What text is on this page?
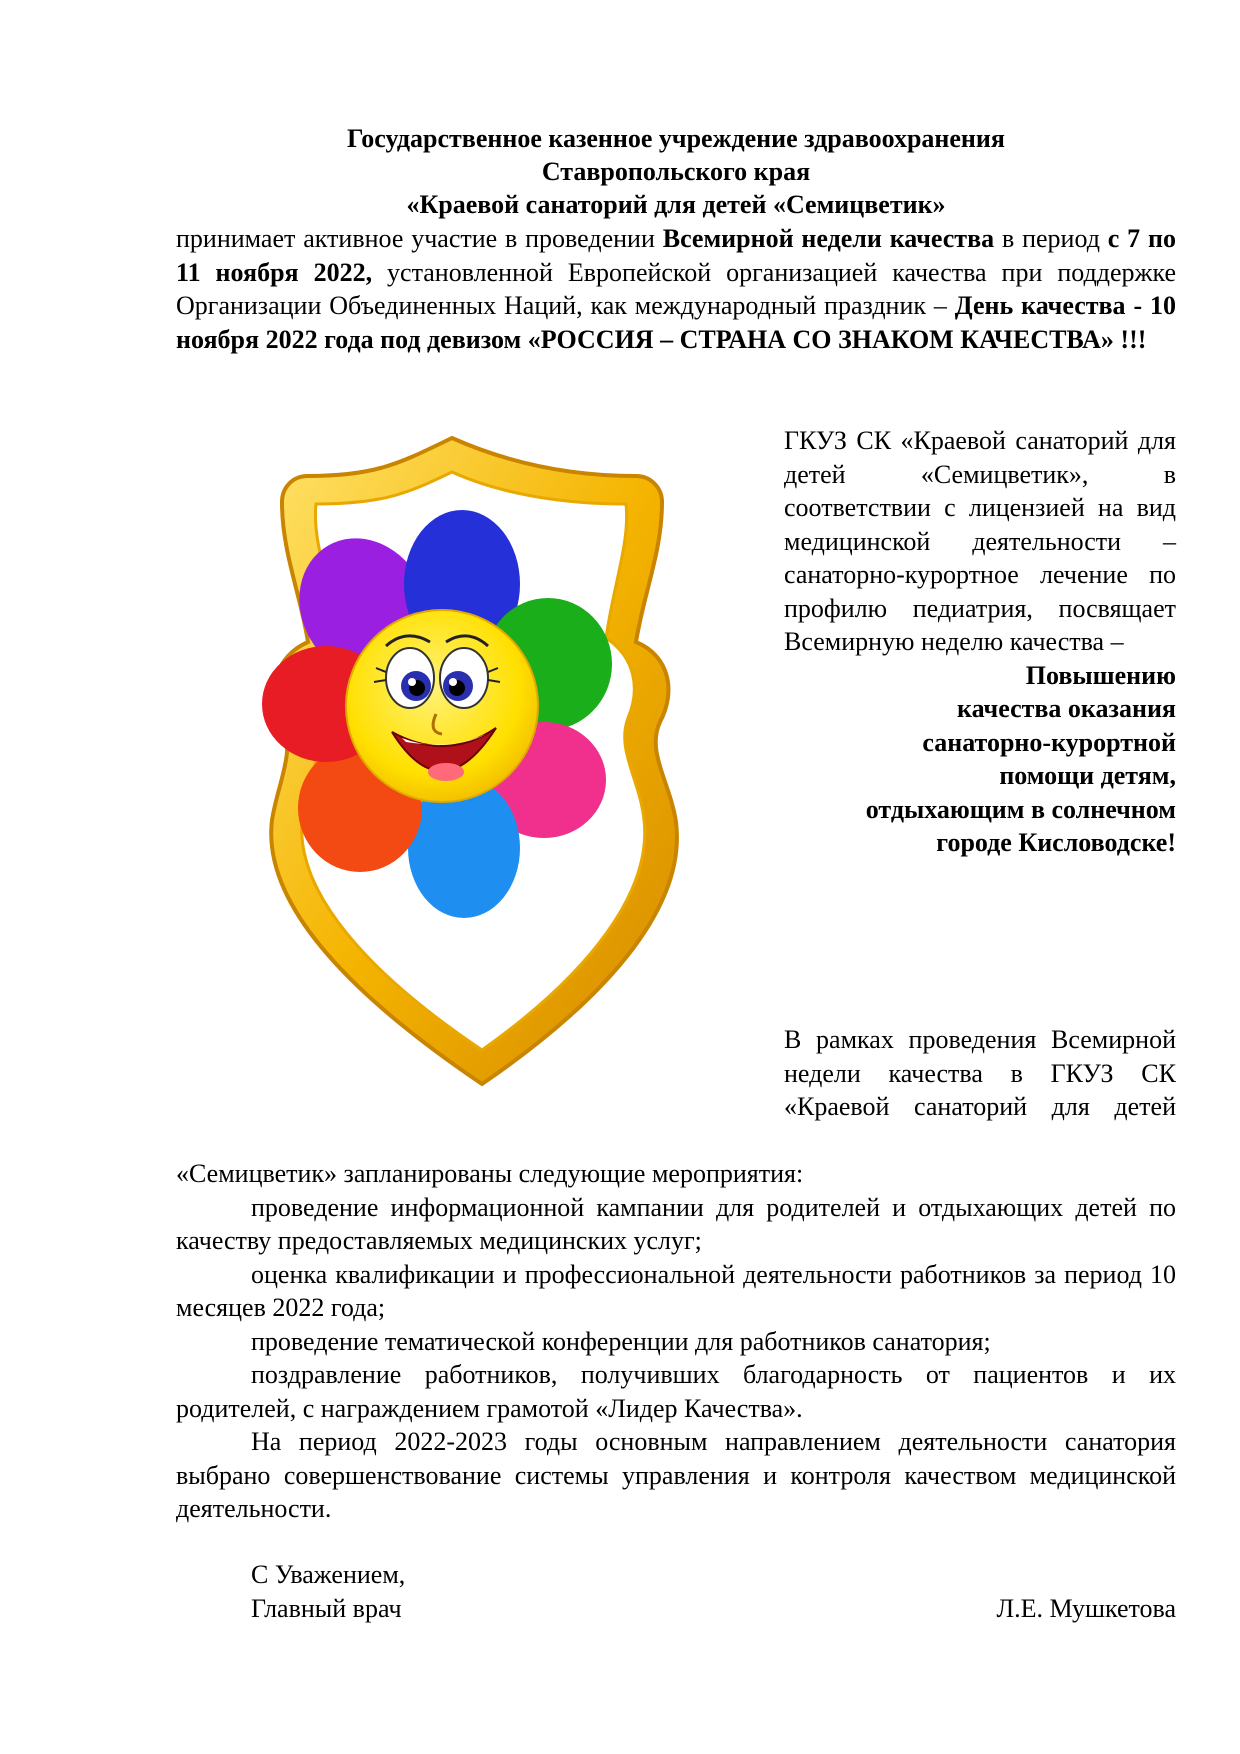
Государственное казенное учреждение здравоохранения
Ставропольского края
«Краевой санаторий для детей «Семицветик»
принимает активное участие в проведении Всемирной недели качества в период с 7 по 11 ноября 2022, установленной Европейской организацией качества при поддержке Организации Объединенных Наций, как международный праздник – День качества - 10 ноября 2022 года под девизом «РОССИЯ – СТРАНА СО ЗНАКОМ КАЧЕСТВА» !!!
ГКУЗ СК «Краевой санаторий для детей «Семицветик», в соответствии с лицензией на вид медицинской деятельности – санаторно-курортное лечение по профилю педиатрия, посвящает Всемирную неделю качества –
Повышению
качества оказания
санаторно-курортной
помощи детям,
отдыхающим в солнечном
городе Кисловодске!
В рамках проведения Всемирной недели качества в ГКУЗ СК «Краевой санаторий для детей

«Семицветик» запланированы следующие мероприятия:

проведение информационной кампании для родителей и отдыхающих детей по качеству предоставляемых медицинских услуг;

оценка квалификации и профессиональной деятельности работников за период 10 месяцев 2022 года;

проведение тематической конференции для работников санатория;

поздравление работников, получивших благодарность от пациентов и их родителей, с награждением грамотой «Лидер Качества».

На период 2022-2023 годы основным направлением деятельности санатория выбрано совершенствование системы управления и контроля качеством медицинской деятельности.

С Уважением,
Главный врач	Л.Е. Мушкетова
